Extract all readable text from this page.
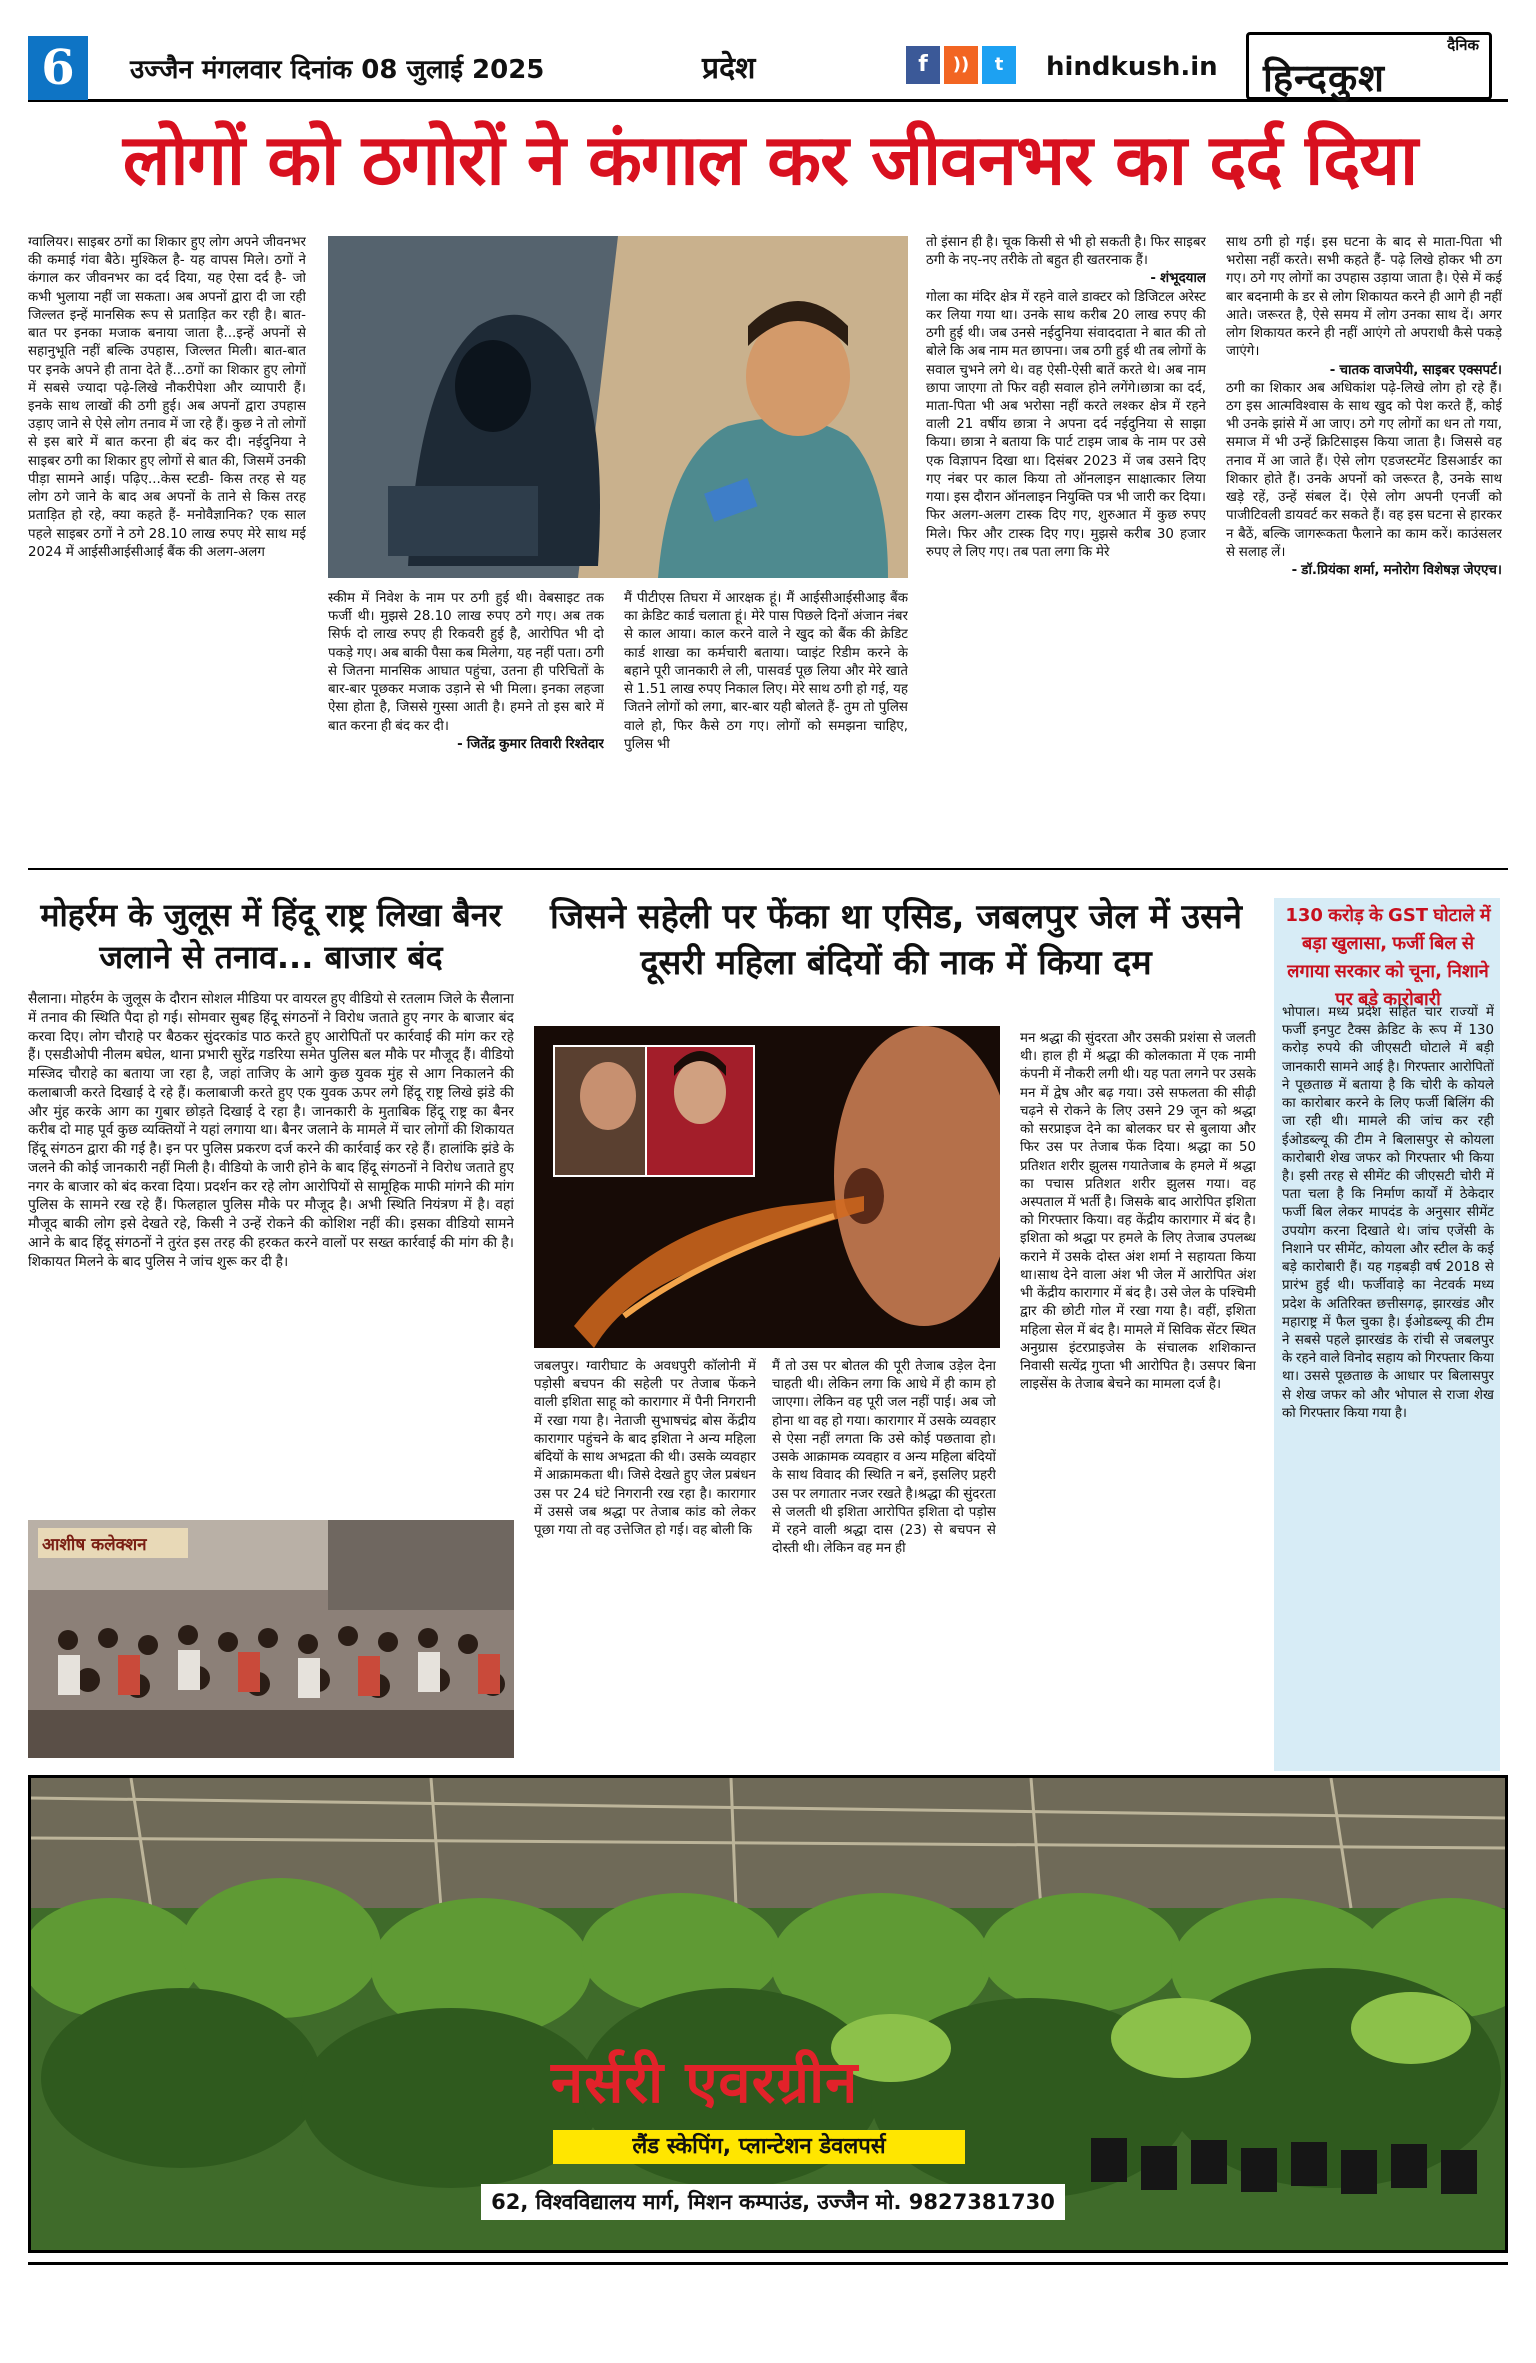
6	उज्जैन मंगलवार दिनांक 08 जुलाई 2025	प्रदेश	f	))	t	hindkush.in
दैनिक
हिन्दकुश
लोगों को ठगोरों ने कंगाल कर जीवनभर का दर्द दिया
ग्वालियर। साइबर ठगों का शिकार हुए लोग अपने जीवनभर की कमाई गंवा बैठे। मुश्किल है- यह वापस मिले। ठगों ने कंगाल कर जीवनभर का दर्द दिया, यह ऐसा दर्द है- जो कभी भुलाया नहीं जा सकता। अब अपनों द्वारा दी जा रही जिल्लत इन्हें मानसिक रूप से प्रताड़ित कर रही है। बात-बात पर इनका मजाक बनाया जाता है...इन्हें अपनों से सहानुभूति नहीं बल्कि उपहास, जिल्लत मिली। बात-बात पर इनके अपने ही ताना देते हैं...ठगों का शिकार हुए लोगों में सबसे ज्यादा पढ़े-लिखे नौकरीपेशा और व्यापारी हैं। इनके साथ लाखों की ठगी हुई। अब अपनों द्वारा उपहास उड़ाए जाने से ऐसे लोग तनाव में जा रहे हैं। कुछ ने तो लोगों से इस बारे में बात करना ही बंद कर दी। नईदुनिया ने साइबर ठगी का शिकार हुए लोगों से बात की, जिसमें उनकी पीड़ा सामने आई। पढ़िए...केस स्टडी- किस तरह से यह लोग ठगे जाने के बाद अब अपनों के ताने से किस तरह प्रताड़ित हो रहे, क्या कहते हैं- मनोवैज्ञानिक? एक साल पहले साइबर ठगों ने ठगे 28.10 लाख रुपए मेरे साथ मई 2024 में आईसीआईसीआई बैंक की अलग-अलग

स्कीम में निवेश के नाम पर ठगी हुई थी। वेबसाइट तक फर्जी थी। मुझसे 28.10 लाख रुपए ठगे गए। अब तक सिर्फ दो लाख रुपए ही रिकवरी हुई है, आरोपित भी दो पकड़े गए। अब बाकी पैसा कब मिलेगा, यह नहीं पता। ठगी से जितना मानसिक आघात पहुंचा, उतना ही परिचितों के बार-बार पूछकर मजाक उड़ाने से भी मिला। इनका लहजा ऐसा होता है, जिससे गुस्सा आती है। हमने तो इस बारे में बात करना ही बंद कर दी।

- जितेंद्र कुमार तिवारी रिश्तेदार

मैं पीटीएस तिघरा में आरक्षक हूं। मैं आईसीआईसीआइ बैंक का क्रेडिट कार्ड चलाता हूं। मेरे पास पिछले दिनों अंजान नंबर से काल आया। काल करने वाले ने खुद को बैंक की क्रेडिट कार्ड शाखा का कर्मचारी बताया। प्वाइंट रिडीम करने के बहाने पूरी जानकारी ले ली, पासवर्ड पूछ लिया और मेरे खाते से 1.51 लाख रुपए निकाल लिए। मेरे साथ ठगी हो गई, यह जितने लोगों को लगा, बार-बार यही बोलते हैं- तुम तो पुलिस वाले हो, फिर कैसे ठग गए। लोगों को समझना चाहिए, पुलिस भी

तो इंसान ही है। चूक किसी से भी हो सकती है। फिर साइबर ठगी के नए-नए तरीके तो बहुत ही खतरनाक हैं।

- शंभूदयाल

गोला का मंदिर क्षेत्र में रहने वाले डाक्टर को डिजिटल अरेस्ट कर लिया गया था। उनके साथ करीब 20 लाख रुपए की ठगी हुई थी। जब उनसे नईदुनिया संवाददाता ने बात की तो बोले कि अब नाम मत छापना। जब ठगी हुई थी तब लोगों के सवाल चुभने लगे थे। वह ऐसी-ऐसी बातें करते थे। अब नाम छापा जाएगा तो फिर वही सवाल होने लगेंगे।छात्रा का दर्द, माता-पिता भी अब भरोसा नहीं करते लश्कर क्षेत्र में रहने वाली 21 वर्षीय छात्रा ने अपना दर्द नईदुनिया से साझा किया। छात्रा ने बताया कि पार्ट टाइम जाब के नाम पर उसे एक विज्ञापन दिखा था। दिसंबर 2023 में जब उसने दिए गए नंबर पर काल किया तो ऑनलाइन साक्षात्कार लिया गया। इस दौरान ऑनलाइन नियुक्ति पत्र भी जारी कर दिया। फिर अलग-अलग टास्क दिए गए, शुरुआत में कुछ रुपए मिले। फिर और टास्क दिए गए। मुझसे करीब 30 हजार रुपए ले लिए गए। तब पता लगा कि मेरे

साथ ठगी हो गई। इस घटना के बाद से माता-पिता भी भरोसा नहीं करते। सभी कहते हैं- पढ़े लिखे होकर भी ठग गए। ठगे गए लोगों का उपहास उड़ाया जाता है। ऐसे में कई बार बदनामी के डर से लोग शिकायत करने ही आगे ही नहीं आते। जरूरत है, ऐसे समय में लोग उनका साथ दें। अगर लोग शिकायत करने ही नहीं आएंगे तो अपराधी कैसे पकड़े जाएंगे।

- चातक वाजपेयी, साइबर एक्सपर्ट।

ठगी का शिकार अब अधिकांश पढ़े-लिखे लोग हो रहे हैं। ठग इस आत्मविश्वास के साथ खुद को पेश करते हैं, कोई भी उनके झांसे में आ जाए। ठगे गए लोगों का धन तो गया, समाज में भी उन्हें क्रिटिसाइस किया जाता है। जिससे वह तनाव में आ जाते हैं। ऐसे लोग एडजस्टमेंट डिसआर्डर का शिकार होते हैं। उनके अपनों को जरूरत है, उनके साथ खड़े रहें, उन्हें संबल दें। ऐसे लोग अपनी एनर्जी को पाजीटिवली डायवर्ट कर सकते हैं। वह इस घटना से हारकर न बैठें, बल्कि जागरूकता फैलाने का काम करें। काउंसलर से सलाह लें।

- डॉ.प्रियंका शर्मा, मनोरोग विशेषज्ञ जेएएच।

मोहर्रम के जुलूस में हिंदू राष्ट्र लिखा बैनर जलाने से तनाव... बाजार बंद
सैलाना। मोहर्रम के जुलूस के दौरान सोशल मीडिया पर वायरल हुए वीडियो से रतलाम जिले के सैलाना में तनाव की स्थिति पैदा हो गई। सोमवार सुबह हिंदू संगठनों ने विरोध जताते हुए नगर के बाजार बंद करवा दिए। लोग चौराहे पर बैठकर सुंदरकांड पाठ करते हुए आरोपितों पर कार्रवाई की मांग कर रहे हैं। एसडीओपी नीलम बघेल, थाना प्रभारी सुरेंद्र गडरिया समेत पुलिस बल मौके पर मौजूद हैं। वीडियो मस्जिद चौराहे का बताया जा रहा है, जहां ताजिए के आगे कुछ युवक मुंह से आग निकालने की कलाबाजी करते दिखाई दे रहे हैं। कलाबाजी करते हुए एक युवक ऊपर लगे हिंदू राष्ट्र लिखे झंडे की और मुंह करके आग का गुबार छोड़ते दिखाई दे रहा है। जानकारी के मुताबिक हिंदू राष्ट्र का बैनर करीब दो माह पूर्व कुछ व्यक्तियों ने यहां लगाया था। बैनर जलाने के मामले में चार लोगों की शिकायत हिंदू संगठन द्वारा की गई है। इन पर पुलिस प्रकरण दर्ज करने की कार्रवाई कर रहे हैं। हालांकि झंडे के जलने की कोई जानकारी नहीं मिली है। वीडियो के जारी होने के बाद हिंदू संगठनों ने विरोध जताते हुए नगर के बाजार को बंद करवा दिया। प्रदर्शन कर रहे लोग आरोपियों से सामूहिक माफी मांगने की मांग पुलिस के सामने रख रहे हैं। फिलहाल पुलिस मौके पर मौजूद है। अभी स्थिति नियंत्रण में है। वहां मौजूद बाकी लोग इसे देखते रहे, किसी ने उन्हें रोकने की कोशिश नहीं की। इसका वीडियो सामने आने के बाद हिंदू संगठनों ने तुरंत इस तरह की हरकत करने वालों पर सख्त कार्रवाई की मांग की है। शिकायत मिलने के बाद पुलिस ने जांच शुरू कर दी है।
आशीष कलेक्शन
जिसने सहेली पर फेंका था एसिड, जबलपुर जेल में उसने दूसरी महिला बंदियों की नाक में किया दम
जबलपुर। ग्वारीघाट के अवधपुरी कॉलोनी में पड़ोसी बचपन की सहेली पर तेजाब फेंकने वाली इशिता साहू को कारागार में पैनी निगरानी में रखा गया है। नेताजी सुभाषचंद्र बोस केंद्रीय कारागार पहुंचने के बाद इशिता ने अन्य महिला बंदियों के साथ अभद्रता की थी। उसके व्यवहार में आक्रामकता थी। जिसे देखते हुए जेल प्रबंधन उस पर 24 घंटे निगरानी रख रहा है। कारागार में उससे जब श्रद्धा पर तेजाब कांड को लेकर पूछा गया तो वह उत्तेजित हो गई। वह बोली कि
मैं तो उस पर बोतल की पूरी तेजाब उड़ेल देना चाहती थी। लेकिन लगा कि आधे में ही काम हो जाएगा। लेकिन वह पूरी जल नहीं पाई। अब जो होना था वह हो गया। कारागार में उसके व्यवहार से ऐसा नहीं लगता कि उसे कोई पछतावा हो। उसके आक्रामक व्यवहार व अन्य महिला बंदियों के साथ विवाद की स्थिति न बनें, इसलिए प्रहरी उस पर लगातार नजर रखते है।श्रद्धा की सुंदरता से जलती थी इशिता आरोपित इशिता दो पड़ोस में रहने वाली श्रद्धा दास (23) से बचपन से दोस्ती थी। लेकिन वह मन ही
मन श्रद्धा की सुंदरता और उसकी प्रशंसा से जलती थी। हाल ही में श्रद्धा की कोलकाता में एक नामी कंपनी में नौकरी लगी थी। यह पता लगने पर उसके मन में द्वेष और बढ़ गया। उसे सफलता की सीढ़ी चढ़ने से रोकने के लिए उसने 29 जून को श्रद्धा को सरप्राइज देने का बोलकर घर से बुलाया और फिर उस पर तेजाब फेंक दिया। श्रद्धा का 50 प्रतिशत शरीर झुलस गयातेजाब के हमले में श्रद्धा का पचास प्रतिशत शरीर झुलस गया। वह अस्पताल में भर्ती है। जिसके बाद आरोपित इशिता को गिरफ्तार किया। वह केंद्रीय कारागार में बंद है। इशिता को श्रद्धा पर हमले के लिए तेजाब उपलब्ध कराने में उसके दोस्त अंश शर्मा ने सहायता किया था।साथ देने वाला अंश भी जेल में आरोपित अंश भी केंद्रीय कारागार में बंद है। उसे जेल के पश्चिमी द्वार की छोटी गोल में रखा गया है। वहीं, इशिता महिला सेल में बंद है। मामले में सिविक सेंटर स्थित अनुग्रास इंटरप्राइजेस के संचालक शशिकान्त निवासी सत्येंद्र गुप्ता भी आरोपित है। उसपर बिना लाइसेंस के तेजाब बेचने का मामला दर्ज है।
130 करोड़ के GST घोटाले में बड़ा खुलासा, फर्जी बिल से लगाया सरकार को चूना, निशाने पर बड़े कारोबारी
भोपाल। मध्य प्रदेश सहित चार राज्यों में फर्जी इनपुट टैक्स क्रेडिट के रूप में 130 करोड़ रुपये की जीएसटी घोटाले में बड़ी जानकारी सामने आई है। गिरफ्तार आरोपितों ने पूछताछ में बताया है कि चोरी के कोयले का कारोबार करने के लिए फर्जी बिलिंग की जा रही थी। मामले की जांच कर रही ईओडब्ल्यू की टीम ने बिलासपुर से कोयला कारोबारी शेख जफर को गिरफ्तार भी किया है। इसी तरह से सीमेंट की जीएसटी चोरी में पता चला है कि निर्माण कार्यों में ठेकेदार फर्जी बिल लेकर मापदंड के अनुसार सीमेंट उपयोग करना दिखाते थे। जांच एजेंसी के निशाने पर सीमेंट, कोयला और स्टील के कई बड़े कारोबारी हैं। यह गड़बड़ी वर्ष 2018 से प्रारंभ हुई थी। फर्जीवाड़े का नेटवर्क मध्य प्रदेश के अतिरिक्त छत्तीसगढ़, झारखंड और महाराष्ट्र में फैल चुका है। ईओडब्ल्यू की टीम ने सबसे पहले झारखंड के रांची से जबलपुर के रहने वाले विनोद सहाय को गिरफ्तार किया था। उससे पूछताछ के आधार पर बिलासपुर से शेख जफर को और भोपाल से राजा शेख को गिरफ्तार किया गया है।
नर्सरी एवरग्रीन
लैंड स्केपिंग, प्लान्टेशन डेवलपर्स
62, विश्वविद्यालय मार्ग, मिशन कम्पाउंड, उज्जैन मो. 9827381730
